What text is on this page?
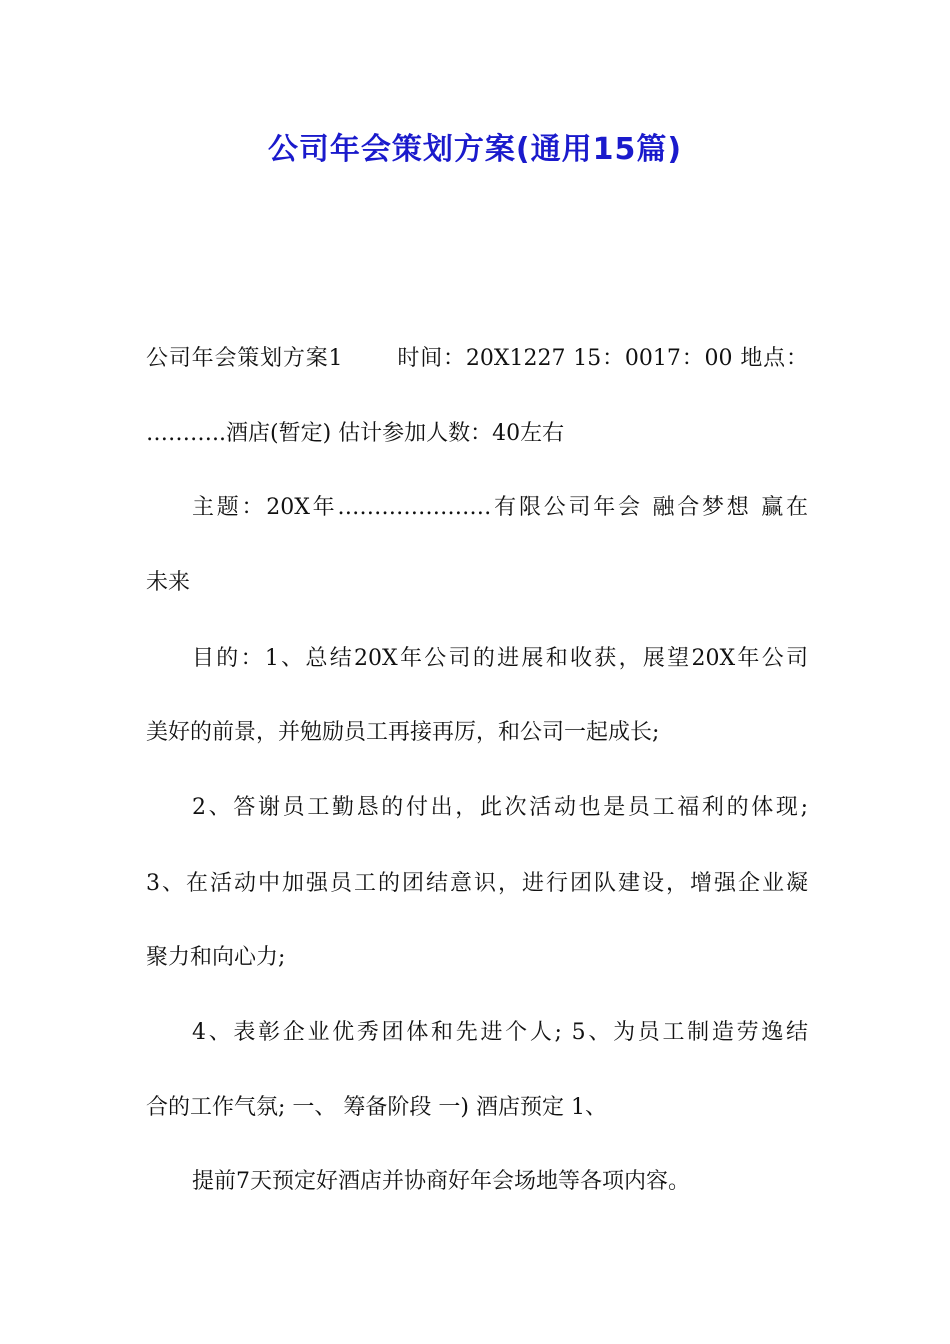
公司年会策划方案(通用15篇)

公司年会策划方案1 时间：20X1227 15：0017：00 地点：

………..酒店(暂定) 估计参加人数：40左右

主题：20X年…………………有限公司年会 融合梦想 赢在

未来

目的：1、总结20X年公司的进展和收获，展望20X年公司

美好的前景，并勉励员工再接再厉，和公司一起成长;

2、答谢员工勤恳的付出，此次活动也是员工福利的体现;

3、在活动中加强员工的团结意识，进行团队建设，增强企业凝

聚力和向心力;

4、表彰企业优秀团体和先进个人; 5、为员工制造劳逸结

合的工作气氛; 一、 筹备阶段 一) 酒店预定 1、

提前7天预定好酒店并协商好年会场地等各项内容。
